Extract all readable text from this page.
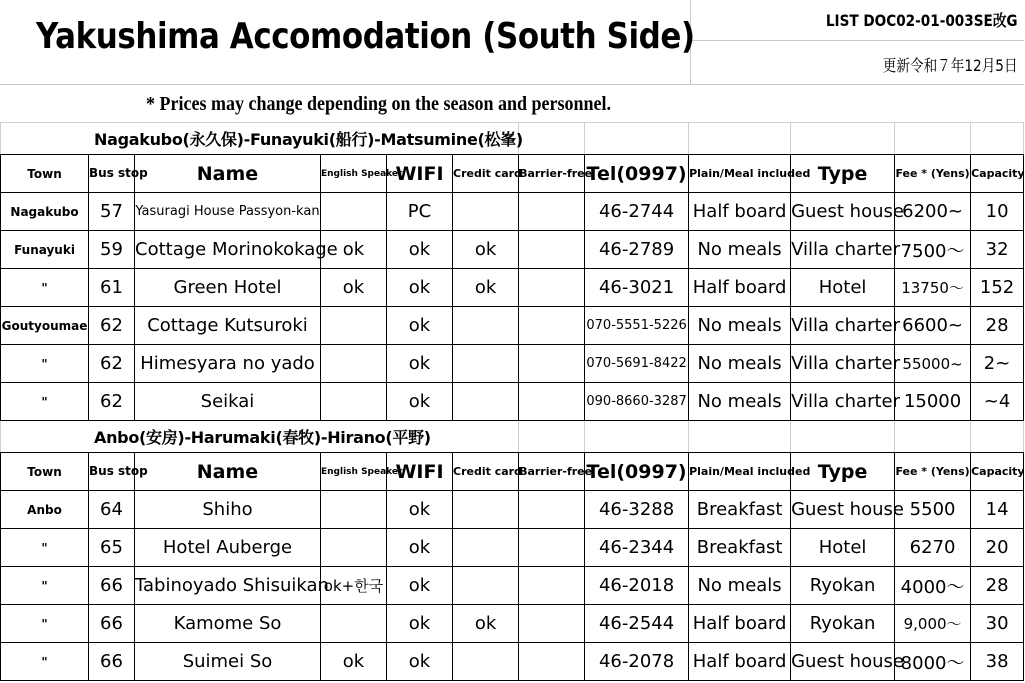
Yakushima Accomodation (South Side)	LIST DOC02-01-003SE改G
更新令和７年12月5日
* Prices may change depending on the season and personnel.
Nagakubo(永久保)-Funayuki(船行)-Matsumine(松峯)											
Town	Bus stop	Name	English Speaker	WIFI	Credit card	Barrier-free	Tel(0997)	Plain/Meal included	Type	Fee * (Yens)	Capacity
Nagakubo	57	Yasuragi House Passyon-kan		PC			46-2744	Half board	Guest house	6200~	10
Funayuki	59	Cottage Morinokokage	ok	ok	ok		46-2789	No meals	Villa charter	7500～	32
"	61	Green Hotel	ok	ok	ok		46-3021	Half board	Hotel	13750～	152
Goutyoumae	62	Cottage Kutsuroki		ok			070-5551-5226	No meals	Villa charter	6600~	28
"	62	Himesyara no yado		ok			070-5691-8422	No meals	Villa charter	55000~	2~
"	62	Seikai		ok			090-8660-3287	No meals	Villa charter	15000	~4
Anbo(安房)-Harumaki(春牧)-Hirano(平野)											
Town	Bus stop	Name	English Speaker	WIFI	Credit card	Barrier-free	Tel(0997)	Plain/Meal included	Type	Fee * (Yens)	Capacity
Anbo	64	Shiho		ok			46-3288	Breakfast	Guest house	5500	14
"	65	Hotel Auberge		ok			46-2344	Breakfast	Hotel	6270	20
"	66	Tabinoyado Shisuikan	ok+한국	ok			46-2018	No meals	Ryokan	4000～	28
"	66	Kamome So		ok	ok		46-2544	Half board	Ryokan	9,000～	30
"	66	Suimei So	ok	ok			46-2078	Half board	Guest house	8000～	38
